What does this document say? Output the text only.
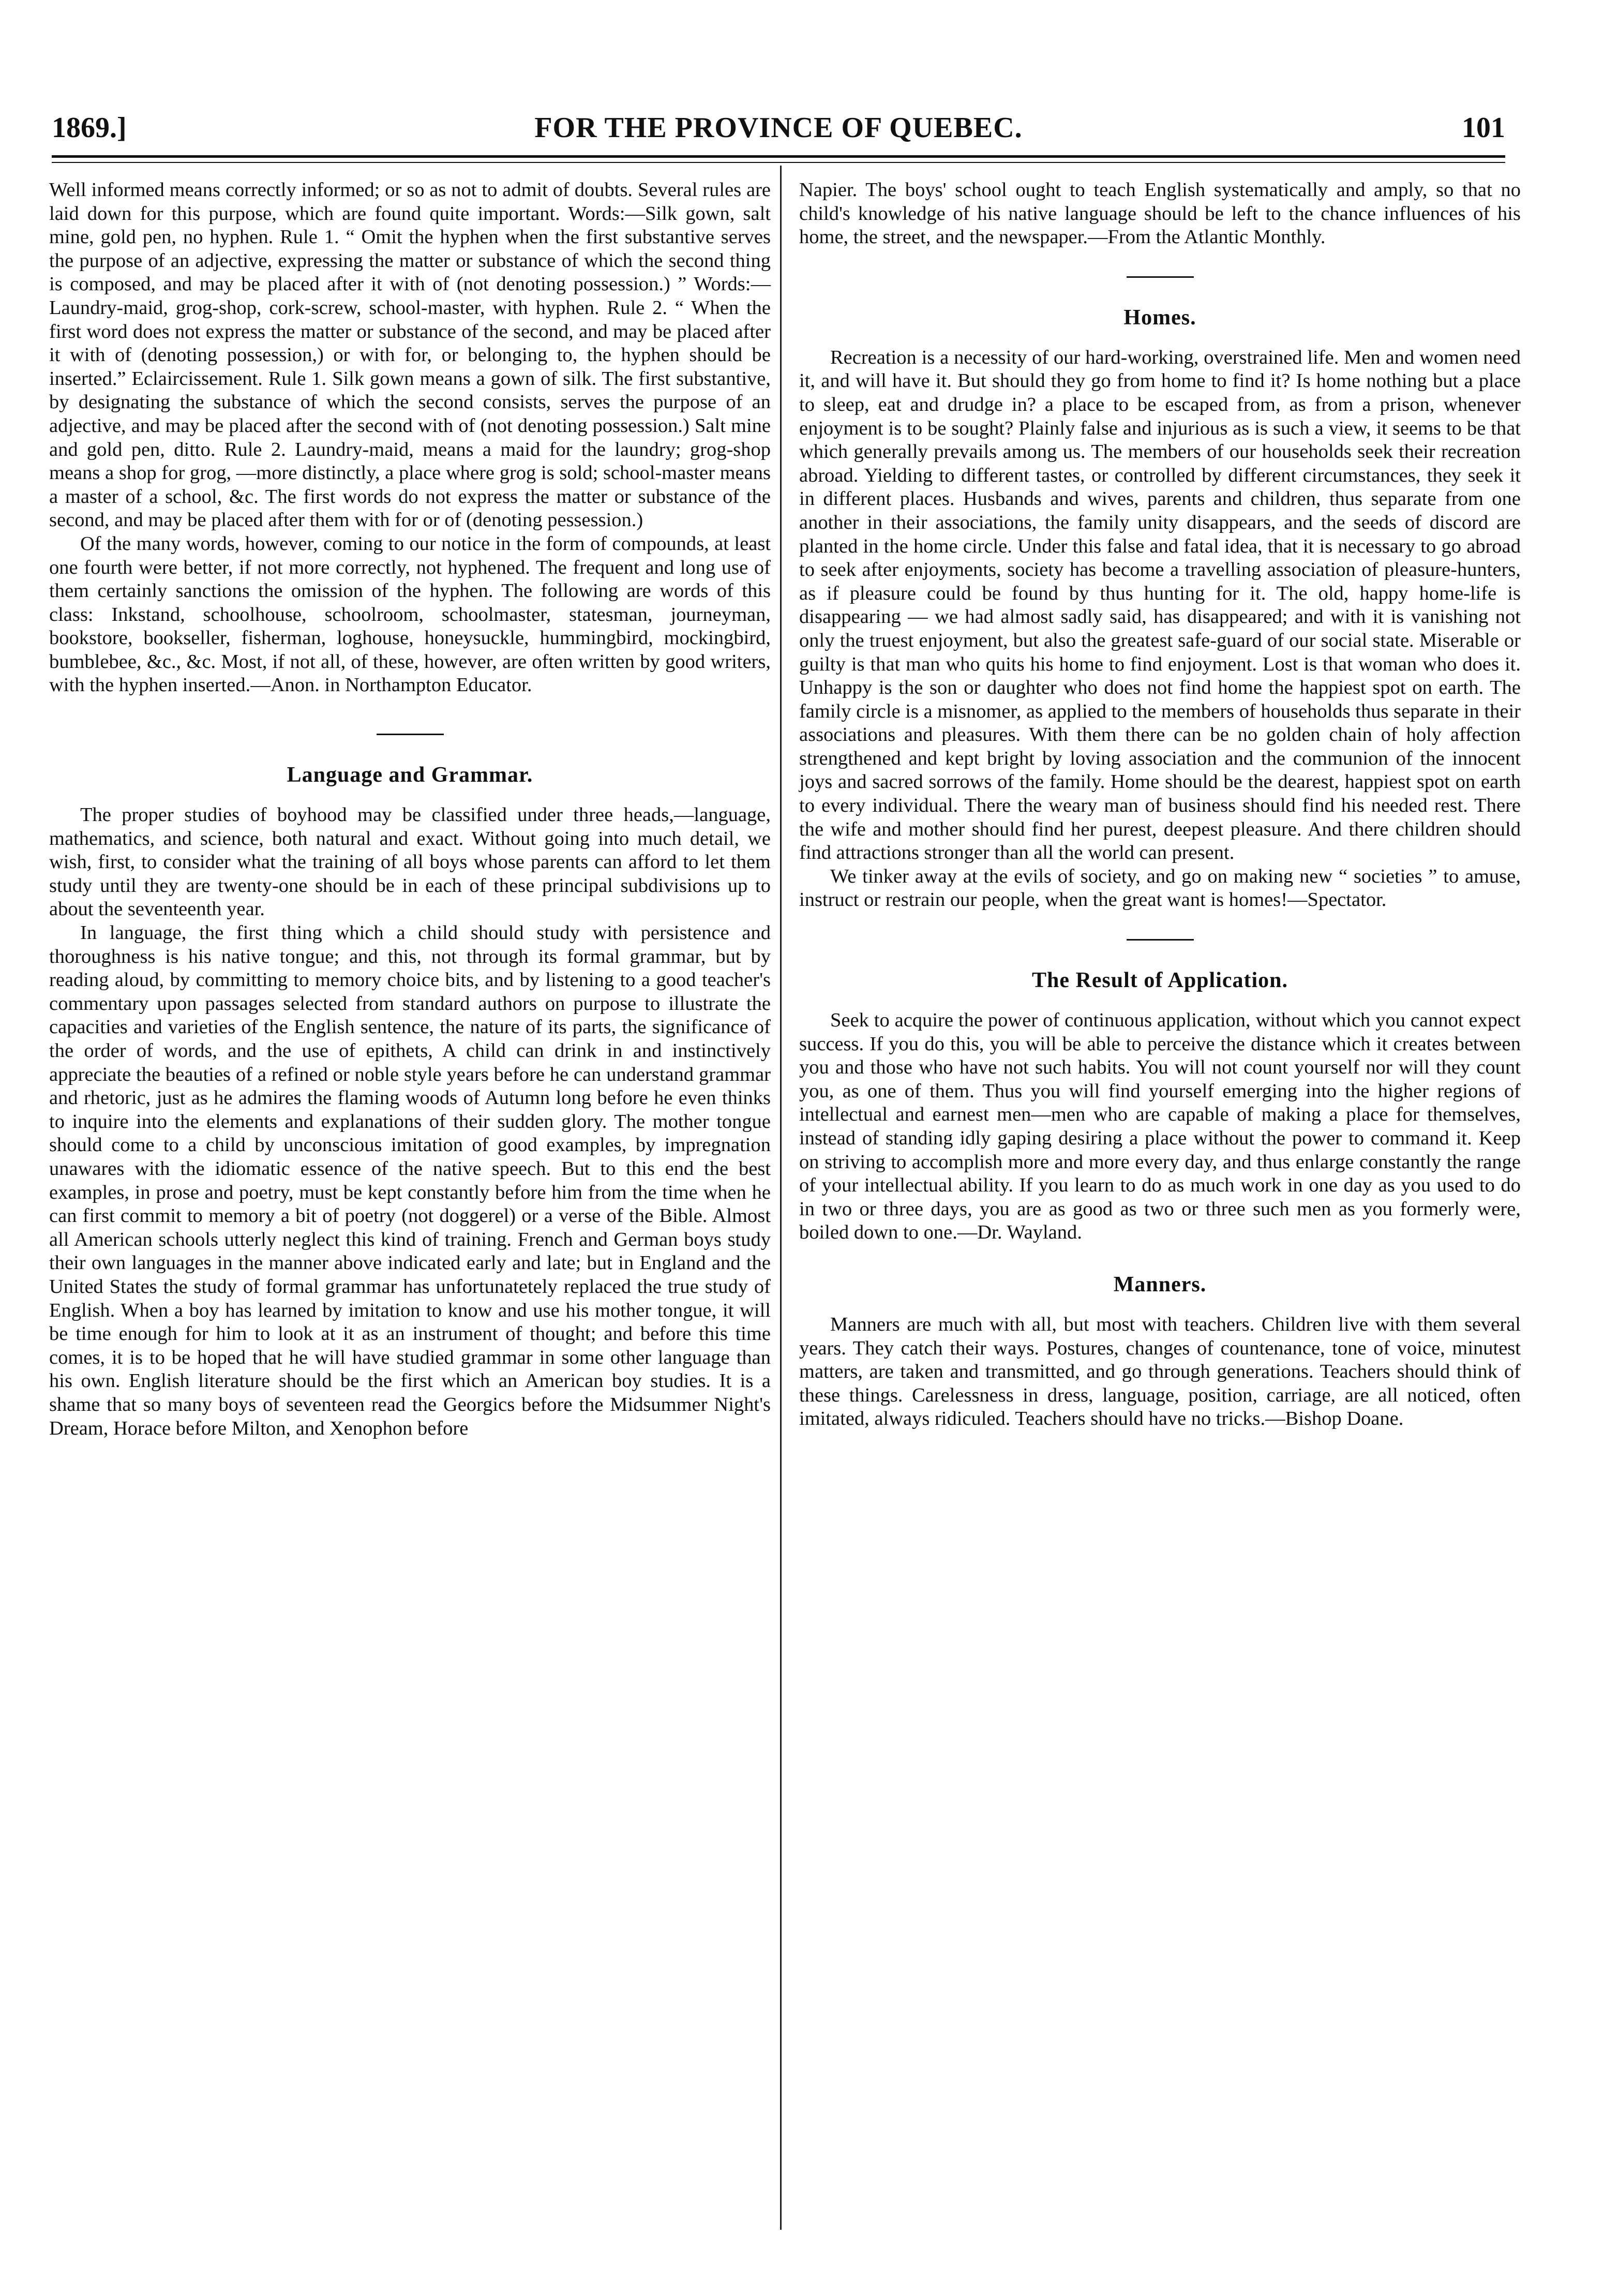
1869.]	FOR THE PROVINCE OF QUEBEC.	101

Well informed means correctly informed; or so as not to admit of doubts. Several rules are laid down for this purpose, which are found quite important. Words:—Silk gown, salt mine, gold pen, no hyphen. Rule 1. “ Omit the hyphen when the first substantive serves the purpose of an adjective, expressing the matter or substance of which the second thing is composed, and may be placed after it with of (not denoting possession.) ” Words:—Laundry-maid, grog-shop, cork-screw, school-master, with hyphen. Rule 2. “ When the first word does not express the matter or substance of the second, and may be placed after it with of (denoting possession,) or with for, or belonging to, the hyphen should be inserted.” Eclaircissement. Rule 1. Silk gown means a gown of silk. The first substantive, by designating the substance of which the second consists, serves the purpose of an adjective, and may be placed after the second with of (not denoting possession.) Salt mine and gold pen, ditto. Rule 2. Laundry-maid, means a maid for the laundry; grog-shop means a shop for grog, —more distinctly, a place where grog is sold; school-master means a master of a school, &c. The first words do not express the matter or substance of the second, and may be placed after them with for or of (denoting pessession.)

Of the many words, however, coming to our notice in the form of compounds, at least one fourth were better, if not more correctly, not hyphened. The frequent and long use of them certainly sanctions the omission of the hyphen. The following are words of this class: Inkstand, schoolhouse, schoolroom, schoolmaster, statesman, journeyman, bookstore, bookseller, fisherman, loghouse, honeysuckle, hummingbird, mockingbird, bumblebee, &c., &c. Most, if not all, of these, however, are often written by good writers, with the hyphen inserted.—Anon. in Northampton Educator.

Language and Grammar.

The proper studies of boyhood may be classified under three heads,—language, mathematics, and science, both natural and exact. Without going into much detail, we wish, first, to consider what the training of all boys whose parents can afford to let them study until they are twenty-one should be in each of these principal subdivisions up to about the seventeenth year.

In language, the first thing which a child should study with persistence and thoroughness is his native tongue; and this, not through its formal grammar, but by reading aloud, by committing to memory choice bits, and by listening to a good teacher's commentary upon passages selected from standard authors on purpose to illustrate the capacities and varieties of the English sentence, the nature of its parts, the significance of the order of words, and the use of epithets, A child can drink in and instinctively appreciate the beauties of a refined or noble style years before he can understand grammar and rhetoric, just as he admires the flaming woods of Autumn long before he even thinks to inquire into the elements and explanations of their sudden glory. The mother tongue should come to a child by unconscious imitation of good examples, by impregnation unawares with the idiomatic essence of the native speech. But to this end the best examples, in prose and poetry, must be kept constantly before him from the time when he can first commit to memory a bit of poetry (not doggerel) or a verse of the Bible. Almost all American schools utterly neglect this kind of training. French and German boys study their own languages in the manner above indicated early and late; but in England and the United States the study of formal grammar has unfortunatetely replaced the true study of English. When a boy has learned by imitation to know and use his mother tongue, it will be time enough for him to look at it as an instrument of thought; and before this time comes, it is to be hoped that he will have studied grammar in some other language than his own. English literature should be the first which an American boy studies. It is a shame that so many boys of seventeen read the Georgics before the Midsummer Night's Dream, Horace before Milton, and Xenophon before

Napier. The boys' school ought to teach English systematically and amply, so that no child's knowledge of his native language should be left to the chance influences of his home, the street, and the newspaper.—From the Atlantic Monthly.

Homes.

Recreation is a necessity of our hard-working, overstrained life. Men and women need it, and will have it. But should they go from home to find it? Is home nothing but a place to sleep, eat and drudge in? a place to be escaped from, as from a prison, whenever enjoyment is to be sought? Plainly false and injurious as is such a view, it seems to be that which generally prevails among us. The members of our households seek their recreation abroad. Yielding to different tastes, or controlled by different circumstances, they seek it in different places. Husbands and wives, parents and children, thus separate from one another in their associations, the family unity disappears, and the seeds of discord are planted in the home circle. Under this false and fatal idea, that it is necessary to go abroad to seek after enjoyments, society has become a travelling association of pleasure-hunters, as if pleasure could be found by thus hunting for it. The old, happy home-life is disappearing — we had almost sadly said, has disappeared; and with it is vanishing not only the truest enjoyment, but also the greatest safe-guard of our social state. Miserable or guilty is that man who quits his home to find enjoyment. Lost is that woman who does it. Unhappy is the son or daughter who does not find home the happiest spot on earth. The family circle is a misnomer, as applied to the members of households thus separate in their associations and pleasures. With them there can be no golden chain of holy affection strengthened and kept bright by loving association and the communion of the innocent joys and sacred sorrows of the family. Home should be the dearest, happiest spot on earth to every individual. There the weary man of business should find his needed rest. There the wife and mother should find her purest, deepest pleasure. And there children should find attractions stronger than all the world can present.

We tinker away at the evils of society, and go on making new “ societies ” to amuse, instruct or restrain our people, when the great want is homes!—Spectator.

The Result of Application.

Seek to acquire the power of continuous application, without which you cannot expect success. If you do this, you will be able to perceive the distance which it creates between you and those who have not such habits. You will not count yourself nor will they count you, as one of them. Thus you will find yourself emerging into the higher regions of intellectual and earnest men—men who are capable of making a place for themselves, instead of standing idly gaping desiring a place without the power to command it. Keep on striving to accomplish more and more every day, and thus enlarge constantly the range of your intellectual ability. If you learn to do as much work in one day as you used to do in two or three days, you are as good as two or three such men as you formerly were, boiled down to one.—Dr. Wayland.

Manners.

Manners are much with all, but most with teachers. Children live with them several years. They catch their ways. Postures, changes of countenance, tone of voice, minutest matters, are taken and transmitted, and go through generations. Teachers should think of these things. Carelessness in dress, language, position, carriage, are all noticed, often imitated, always ridiculed. Teachers should have no tricks.—Bishop Doane.
